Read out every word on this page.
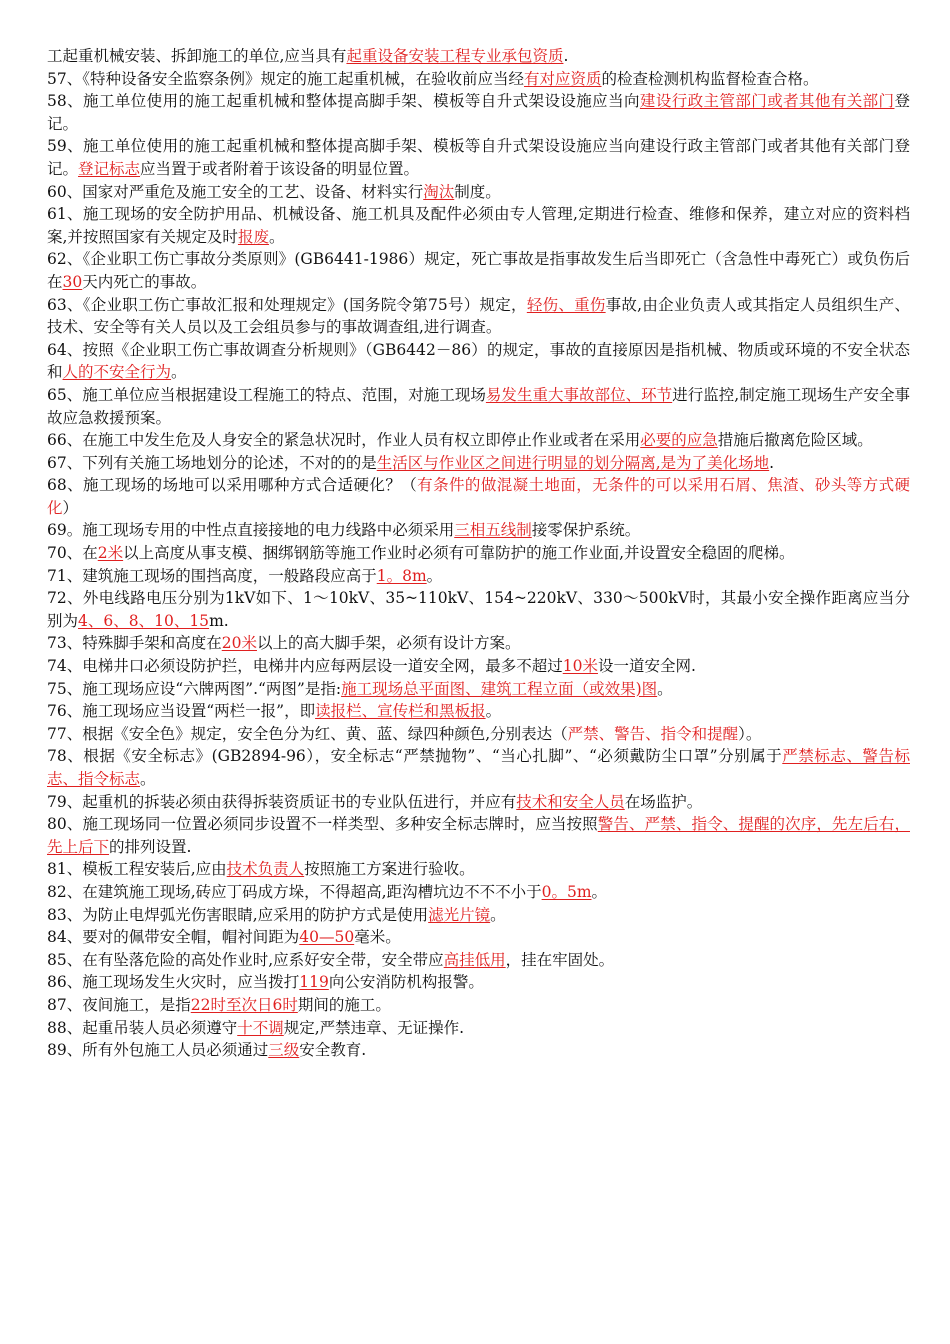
工起重机械安装、拆卸施工的单位,应当具有起重设备安装工程专业承包资质.

57、《特种设备安全监察条例》规定的施工起重机械，在验收前应当经有对应资质的检查检测机构监督检查合格。

58、施工单位使用的施工起重机械和整体提高脚手架、模板等自升式架设设施应当向建设行政主管部门或者其他有关部门登记。

59、施工单位使用的施工起重机械和整体提高脚手架、模板等自升式架设设施应当向建设行政主管部门或者其他有关部门登记。登记标志应当置于或者附着于该设备的明显位置。

60、国家对严重危及施工安全的工艺、设备、材料实行淘汰制度。

61、施工现场的安全防护用品、机械设备、施工机具及配件必须由专人管理,定期进行检查、维修和保养，建立对应的资料档案,并按照国家有关规定及时报废。

62、《企业职工伤亡事故分类原则》(GB6441-1986）规定，死亡事故是指事故发生后当即死亡（含急性中毒死亡）或负伤后在30天内死亡的事故。

63、《企业职工伤亡事故汇报和处理规定》(国务院令第75号）规定，轻伤、重伤事故,由企业负责人或其指定人员组织生产、技术、安全等有关人员以及工会组员参与的事故调查组,进行调查。

64、按照《企业职工伤亡事故调查分析规则》（GB6442－86）的规定，事故的直接原因是指机械、物质或环境的不安全状态和人的不安全行为。

65、施工单位应当根据建设工程施工的特点、范围，对施工现场易发生重大事故部位、环节进行监控,制定施工现场生产安全事故应急救援预案。

66、在施工中发生危及人身安全的紧急状况时，作业人员有权立即停止作业或者在采用必要的应急措施后撤离危险区域。

67、下列有关施工场地划分的论述，不对的的是生活区与作业区之间进行明显的划分隔离,是为了美化场地.

68、施工现场的场地可以采用哪种方式合适硬化？（有条件的做混凝土地面，无条件的可以采用石屑、焦渣、砂头等方式硬化）

69。施工现场专用的中性点直接接地的电力线路中必须采用三相五线制接零保护系统。

70、在2米以上高度从事支模、捆绑钢筋等施工作业时必须有可靠防护的施工作业面,并设置安全稳固的爬梯。

71、建筑施工现场的围挡高度，一般路段应高于1。8m。

72、外电线路电压分别为1kV如下、1～10kV、35~110kV、154~220kV、330～500kV时，其最小安全操作距离应当分别为4、6、8、10、15m.

73、特殊脚手架和高度在20米以上的高大脚手架，必须有设计方案。

74、电梯井口必须设防护拦，电梯井内应每两层设一道安全网，最多不超过10米设一道安全网.

75、施工现场应设“六牌两图”.“两图”是指:施工现场总平面图、建筑工程立面（或效果)图。

76、施工现场应当设置“两栏一报”，即读报栏、宣传栏和黑板报。

77、根据《安全色》规定，安全色分为红、黄、蓝、绿四种颜色,分别表达（严禁、警告、指令和提醒）。

78、根据《安全标志》(GB2894-96），安全标志“严禁抛物”、“当心扎脚”、“必须戴防尘口罩”分别属于严禁标志、警告标志、指令标志。

79、起重机的拆装必须由获得拆装资质证书的专业队伍进行，并应有技术和安全人员在场监护。

80、施工现场同一位置必须同步设置不一样类型、多种安全标志牌时，应当按照警告、严禁、指令、提醒的次序，先左后右，先上后下的排列设置.

81、模板工程安装后,应由技术负责人按照施工方案进行验收。

82、在建筑施工现场,砖应丁码成方垛，不得超高,距沟槽坑边不不不小于0。5m。

83、为防止电焊弧光伤害眼睛,应采用的防护方式是使用滤光片镜。

84、要对的佩带安全帽，帽衬间距为40—50毫米。

85、在有坠落危险的高处作业时,应系好安全带，安全带应高挂低用，挂在牢固处。

86、施工现场发生火灾时，应当拨打119向公安消防机构报警。

87、夜间施工，是指22时至次日6时期间的施工。

88、起重吊装人员必须遵守十不调规定,严禁违章、无证操作.

89、所有外包施工人员必须通过三级安全教育.
